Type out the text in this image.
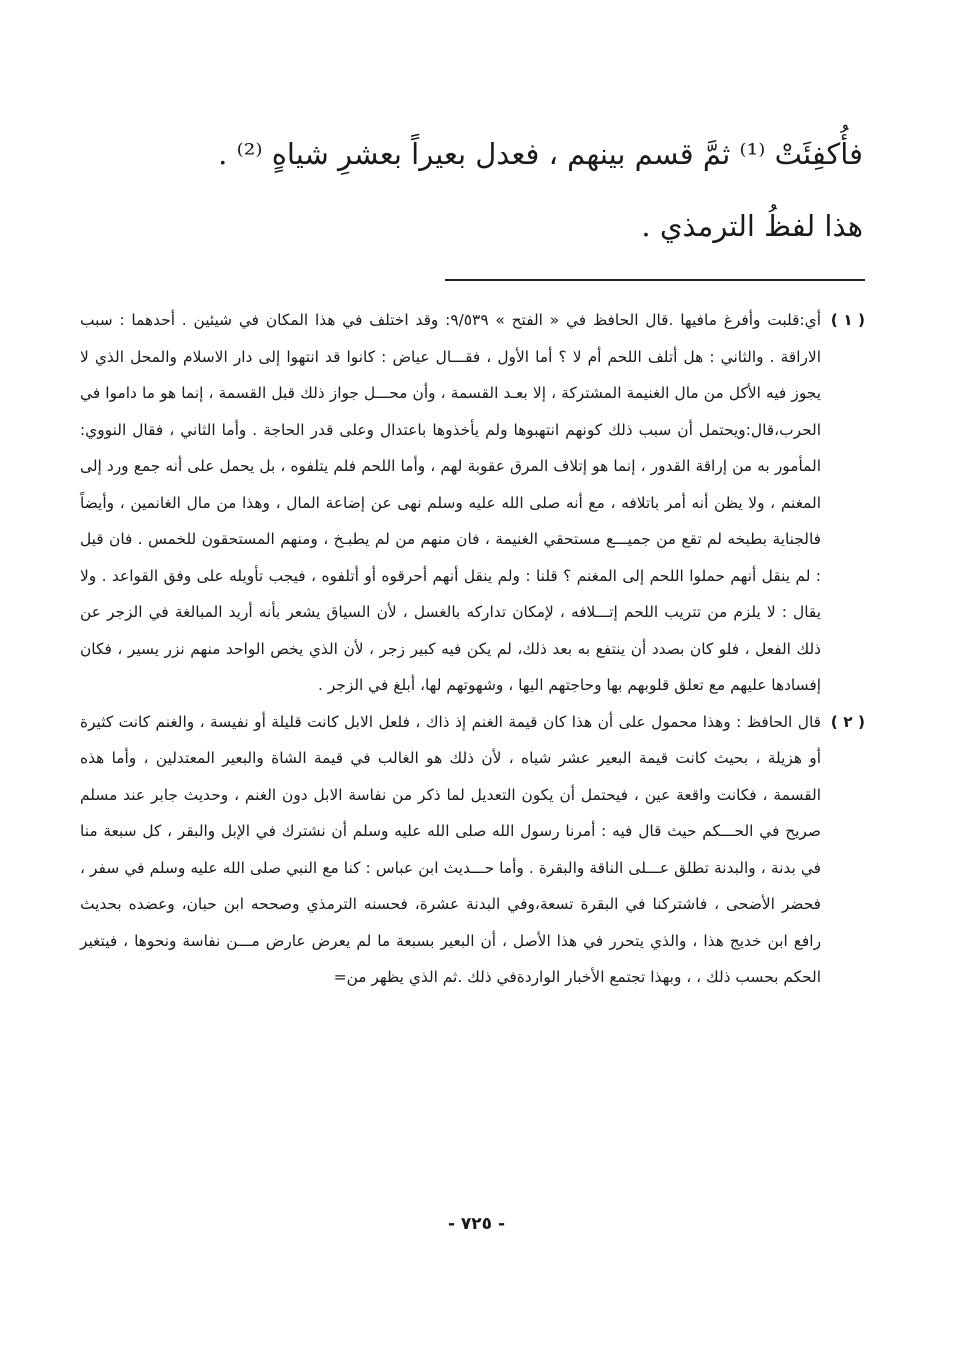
فأُكفِئَتْ ⁽¹⁾ ثمَّ قسم بينهم ، فعدل بعيراً بعشرِ شياهٍ ⁽²⁾ .
هذا لفظُ الترمذي .

( ١ )
أي:قلبت وأفرغ مافيها .قال الحافظ في « الفتح » ٩/٥٣٩: وقد اختلف في هذا المكان في شيئين . أحدهما : سبب الاراقة . والثاني : هل أتلف اللحم أم لا ؟ أما الأول ، فقـــال عياض : كانوا قد انتهوا إلى دار الاسلام والمحل الذي لا يجوز فيه الأكل من مال الغنيمة المشتركة ، إلا بعـد القسمة ، وأن محـــل جواز ذلك قبل القسمة ، إنما هو ما داموا في الحرب،قال:ويحتمل أن سبب ذلك كونهم انتهبوها ولم يأخذوها باعتدال وعلى قدر الحاجة . وأما الثاني ، فقال النووي: المأمور به من إراقة القدور ، إنما هو إتلاف المرق عقوبة لهم ، وأما اللحم فلم يتلفوه ، بل يحمل على أنه جمع ورد إلى المغنم ، ولا يظن أنه أمر باتلافه ، مع أنه صلى الله عليه وسلم نهى عن إضاعة المال ، وهذا من مال الغانمين ، وأيضاً فالجناية بطبخه لم تقع من جميـــع مستحقي الغنيمة ، فان منهم من لم يطبـخ ، ومنهم المستحقون للخمس . فان قيل : لم ينقل أنهم حملوا اللحم إلى المغنم ؟ قلنا : ولم ينقل أنهم أحرقوه أو أتلفوه ، فيجب تأويله على وفق القواعد . ولا يقال : لا يلزم من تتريب اللحم إتـــلافه ، لإمكان تداركه بالغسل ، لأن السياق يشعر بأنه أريد المبالغة في الزجر عن ذلك الفعل ، فلو كان بصدد أن ينتفع به بعد ذلك، لم يكن فيه كبير زجر ، لأن الذي يخص الواحد منهم نزر يسير ، فكان إفسادها عليهم مع تعلق قلوبهم بها وحاجتهم اليها ، وشهوتهم لها، أبلغ في الزجر .

( ٢ )
قال الحافظ : وهذا محمول على أن هذا كان قيمة الغنم إذ ذاك ، فلعل الابل كانت قليلة أو نفيسة ، والغنم كانت كثيرة أو هزيلة ، بحيث كانت قيمة البعير عشر شياه ، لأن ذلك هو الغالب في قيمة الشاة والبعير المعتدلين ، وأما هذه القسمة ، فكانت واقعة عين ، فيحتمل أن يكون التعديل لما ذكر من نفاسة الابل دون الغنم ، وحديث جابر عند مسلم صريح في الحـــكم حيث قال فيه : أمرنا رسول الله صلى الله عليه وسلم أن نشترك في الإبل والبقر ، كل سبعة منا في بدنة ، والبدنة تطلق عـــلى الناقة والبقرة . وأما حـــديث ابن عباس : كنا مع النبي صلى الله عليه وسلم في سفر ، فحضر الأضحى ، فاشتركنا في البقرة تسعة،وفي البدنة عشرة، فحسنه الترمذي وصححه ابن حبان، وعضده بحديث رافع ابن خديج هذا ، والذي يتحرر في هذا الأصل ، أن البعير بسبعة ما لم يعرض عارض مـــن نفاسة ونحوها ، فيتغير الحكم بحسب ذلك ، ، وبهذا تجتمع الأخبار الواردةفي ذلك .ثم الذي يظهر من=

- ٧٢٥ -
